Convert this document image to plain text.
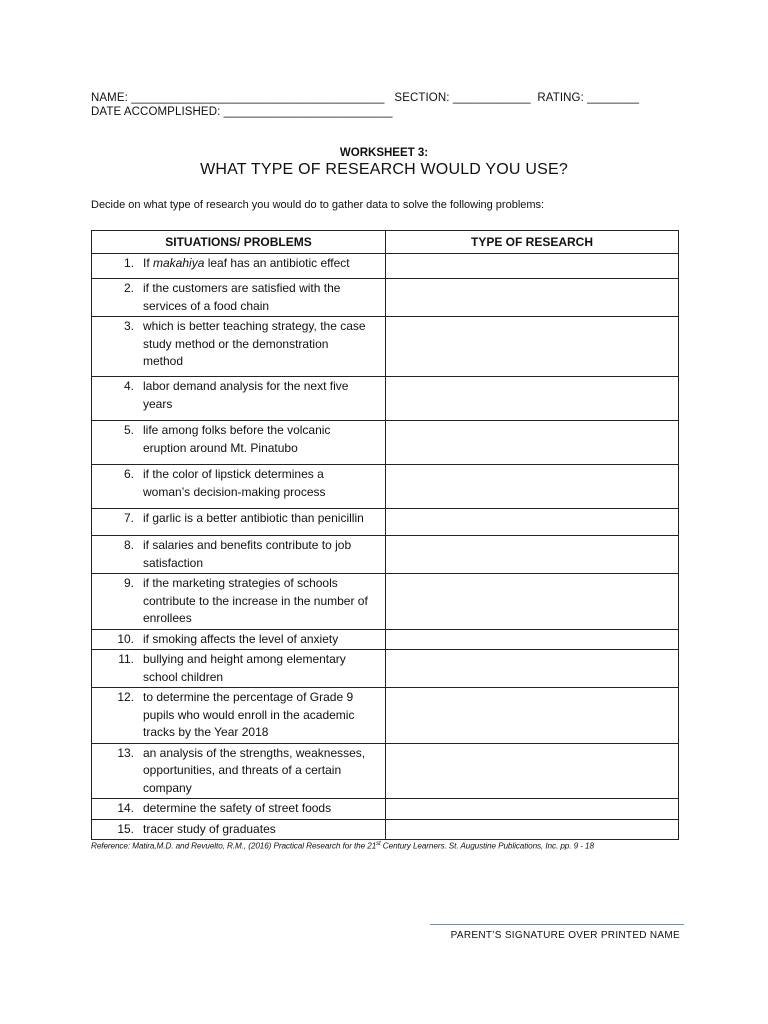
NAME: _______________________________________   SECTION: ____________  RATING: ________
DATE ACCOMPLISHED: __________________________
WORKSHEET 3:
WHAT TYPE OF RESEARCH WOULD YOU USE?
Decide on what type of research you would do to gather data to solve the following problems:
SITUATIONS/ PROBLEMS	TYPE OF RESEARCH

1. If makahiya leaf has an antibiotic effect	

2. if the customers are satisfied with the
services of a food chain	

3. which is better teaching strategy, the case
study method or the demonstration
method	

4. labor demand analysis for the next five
years	

5. life among folks before the volcanic
eruption around Mt. Pinatubo	

6. if the color of lipstick determines a
woman’s decision-making process	

7. if garlic is a better antibiotic than penicillin	

8. if salaries and benefits contribute to job
satisfaction	

9. if the marketing strategies of schools
contribute to the increase in the number of
enrollees	

10. if smoking affects the level of anxiety	

11. bullying and height among elementary
school children	

12. to determine the percentage of Grade 9
pupils who would enroll in the academic
tracks by the Year 2018	

13. an analysis of the strengths, weaknesses,
opportunities, and threats of a certain
company	

14. determine the safety of street foods	

15. tracer study of graduates	

Reference: Matira,M.D. and Revuelto, R.M., (2016) Practical Research for the 21st Century Learners. St. Augustine Publications, Inc. pp. 9 - 18
PARENT’S SIGNATURE OVER PRINTED NAME
